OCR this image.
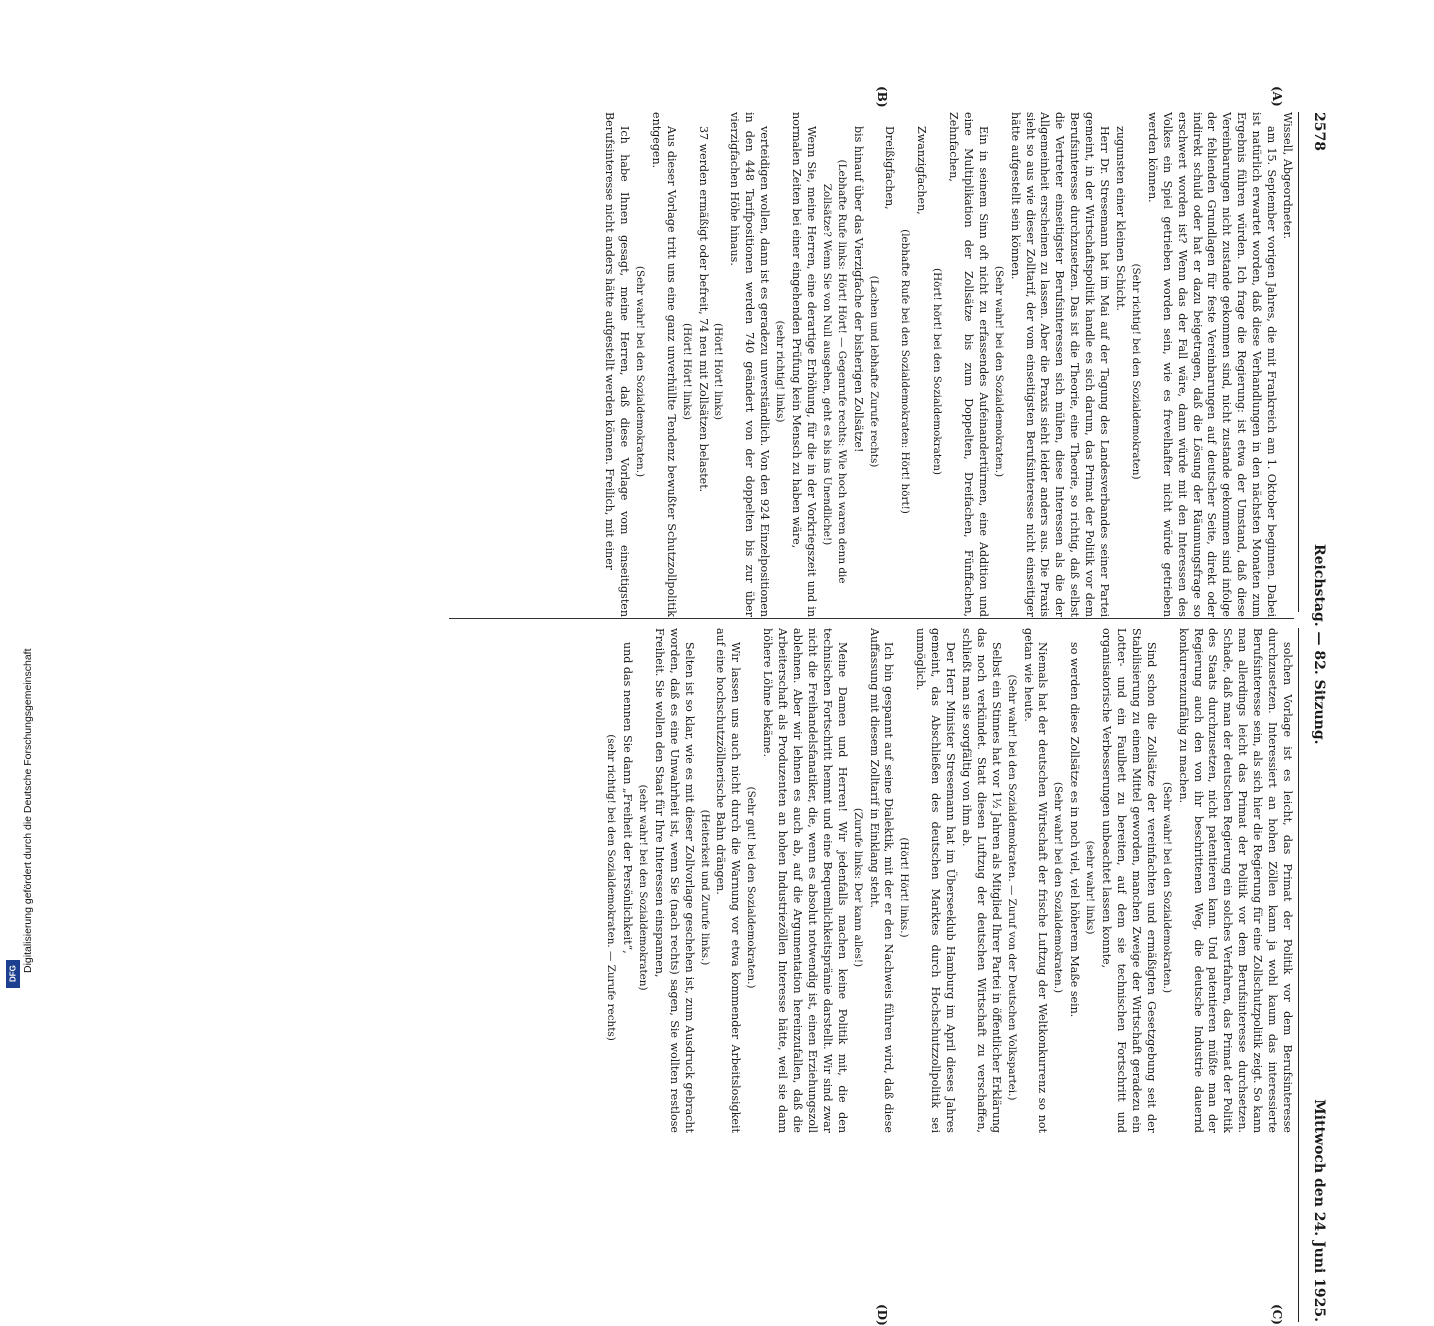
2578
Reichstag. — 82. Sitzung.
Mittwoch den 24. Juni 1925.
(A)
(B)
(C)
(D)

Wissell, Abgeordneter.

am 15. September vorigen Jahres, die mit Frankreich am 1. Oktober beginnen. Dabei ist natürlich erwartet worden, daß diese Verhandlungen in den nächsten Monaten zum Ergebnis führen würden. Ich frage die Regierung: ist etwa der Umstand, daß diese Vereinbarungen nicht zustande gekommen sind, nicht zustande gekommen sind infolge der fehlenden Grundlagen für feste Vereinbarungen auf deutscher Seite, direkt oder indirekt schuld oder hat er dazu beigetragen, daß die Lösung der Räumungsfrage so erschwert worden ist? Wenn das der Fall wäre, dann würde mit den Interessen des Volkes ein Spiel getrieben worden sein, wie es frevelhafter nicht würde getrieben werden können.

(Sehr richtig! bei den Sozialdemokraten)

zugunsten einer kleinen Schicht.

Herr Dr. Stresemann hat im Mai auf der Tagung des Landesverbandes seiner Partei gemeint, in der Wirtschaftspolitik handle es sich darum, das Primat der Politik vor dem Berufsinteresse durchzusetzen. Das ist die Theorie, eine Theorie, so richtig, daß selbst die Vertreter einseitigster Berufsinteressen sich mühen, diese Interessen als die der Allgemeinheit erscheinen zu lassen. Aber die Praxis sieht leider anders aus. Die Praxis sieht so aus wie dieser Zolltarif, der vom einseitigsten Berufsinteresse nicht einseitiger hätte aufgestellt sein können.

(Sehr wahr! bei den Sozialdemokraten.)

Ein in seinem Sinn oft nicht zu erfassendes Aufeinandertürmen, eine Addition und eine Multiplikation der Zollsätze bis zum Doppelten, Dreifachen, Fünffachen, Zehnfachen,

(Hört! hört! bei den Sozialdemokraten)

Zwanzigfachen,

(lebhafte Rufe bei den Sozialdemokraten: Hört! hört!)

Dreißigfachen,

(Lachen und lebhafte Zurufe rechts)

bis hinauf über das Vierzigfache der bisherigen Zollsätze!

(Lebhafte Rufe links: Hört! Hört! — Gegenrufe rechts: Wie hoch waren denn die Zollsätze? Wenn Sie von Null ausgehen, geht es bis ins Unendliche!)

Wenn Sie, meine Herren, eine derartige Erhöhung, für die in der Vorkriegszeit und in normalen Zeiten bei einer eingehenden Prüfung kein Mensch zu haben wäre,

(sehr richtig! links)

verteidigen wollen, dann ist es geradezu unverständlich. Von den 924 Einzelpositionen in den 448 Tarifpositionen werden 740 geändert von der doppelten bis zur über vierzigfachen Höhe hinaus.

(Hört! Hört! links)

37 werden ermäßigt oder befreit, 74 neu mit Zollsätzen belastet.

(Hört! Hört! links)

Aus dieser Vorlage tritt uns eine ganz unverhüllte Tendenz bewußter Schutzzollpolitik entgegen.

(Sehr wahr! bei den Sozialdemokraten.)

Ich habe Ihnen gesagt, meine Herren, daß diese Vorlage vom einseitigsten Berufsinteresse nicht anders hätte aufgestellt werden können. Freilich, mit einer

solchen Vorlage ist es leicht, das Primat der Politik vor dem Berufsinteresse durchzusetzen. Interessiert an hohen Zöllen kann ja wohl kaum das interessierte Berufsinteresse sein, als sich hier die Regierung für eine Zollschutzpolitik zeigt. So kann man allerdings leicht das Primat der Politik vor dem Berufsinteresse durchsetzen. Schade, daß man der deutschen Regierung ein solches Verfahren, das Primat der Politik des Staats durchzusetzen, nicht patentieren kann. Und patentieren müßte man der Regierung auch den von ihr beschrittenen Weg, die deutsche Industrie dauernd konkurrenzunfähig zu machen.

(Sehr wahr! bei den Sozialdemokraten.)

Sind schon die Zollsätze der vereinfachten und ermäßigten Gesetzgebung seit der Stabilisierung zu einem Mittel geworden, manchen Zweige der Wirtschaft geradezu ein Lotter- und ein Faulbett zu bereiten, auf dem sie technischen Fortschritt und organisatorische Verbesserungen unbeachtet lassen konnte,

(sehr wahr! links)

so werden diese Zollsätze es in noch viel, viel höherem Maße sein.

(Sehr wahr! bei den Sozialdemokraten.)

Niemals hat der deutschen Wirtschaft der frische Luftzug der Weltkonkurrenz so not getan wie heute.

(Sehr wahr! bei den Sozialdemokraten. — Zuruf von der Deutschen Volkspartei.)

Selbst ein Stinnes hat vor 1½ Jahren als Mitglied Ihrer Partei in öffentlicher Erklärung das noch verkündet. Statt diesen Luftzug der deutschen Wirtschaft zu verschaffen, schließt man sie sorgfältig von ihm ab.

Der Herr Minister Stresemann hat im Überseeklub Hamburg im April dieses Jahres gemeint, das Abschließen des deutschen Marktes durch Hochschutzzollpolitik sei unmöglich.

(Hört! Hört! links.)

Ich bin gespannt auf seine Dialektik, mit der er den Nachweis führen wird, daß diese Auffassung mit diesem Zolltarif in Einklang steht.

(Zurufe links: Der kann alles!)

Meine Damen und Herren! Wir jedenfalls machen keine Politik mit, die den technischen Fortschritt hemmt und eine Bequemlichkeitsprämie darstellt. Wir sind zwar nicht die Freihandelsfanatiker, die, wenn es absolut notwendig ist, einen Erziehungszoll ablehnen. Aber wir lehnen es auch ab, auf die Argumentation hereinzufallen, daß die Arbeiterschaft als Produzenten an hohen Industriezöllen Interesse hätte, weil sie dann höhere Löhne bekäme.

(Sehr gut! bei den Sozialdemokraten.)

Wir lassen uns auch nicht durch die Warnung vor etwa kommender Arbeitslosigkeit auf eine hochschutzzöllnerische Bahn drängen.

(Heiterkeit und Zurufe links.)

Selten ist so klar, wie es mit dieser Zollvorlage geschehen ist, zum Ausdruck gebracht worden, daß es eine Unwahrheit ist, wenn Sie (nach rechts) sagen, Sie wollten restlose Freiheit. Sie wollen den Staat für Ihre Interessen einspannen,

(sehr wahr! bei den Sozialdemokraten)

und das nennen Sie dann „Freiheit der Persönlichkeit“,

(sehr richtig! bei den Sozialdemokraten. — Zurufe rechts)

DFG
Digitalisierung gefördert durch die Deutsche Forschungsgemeinschaft
